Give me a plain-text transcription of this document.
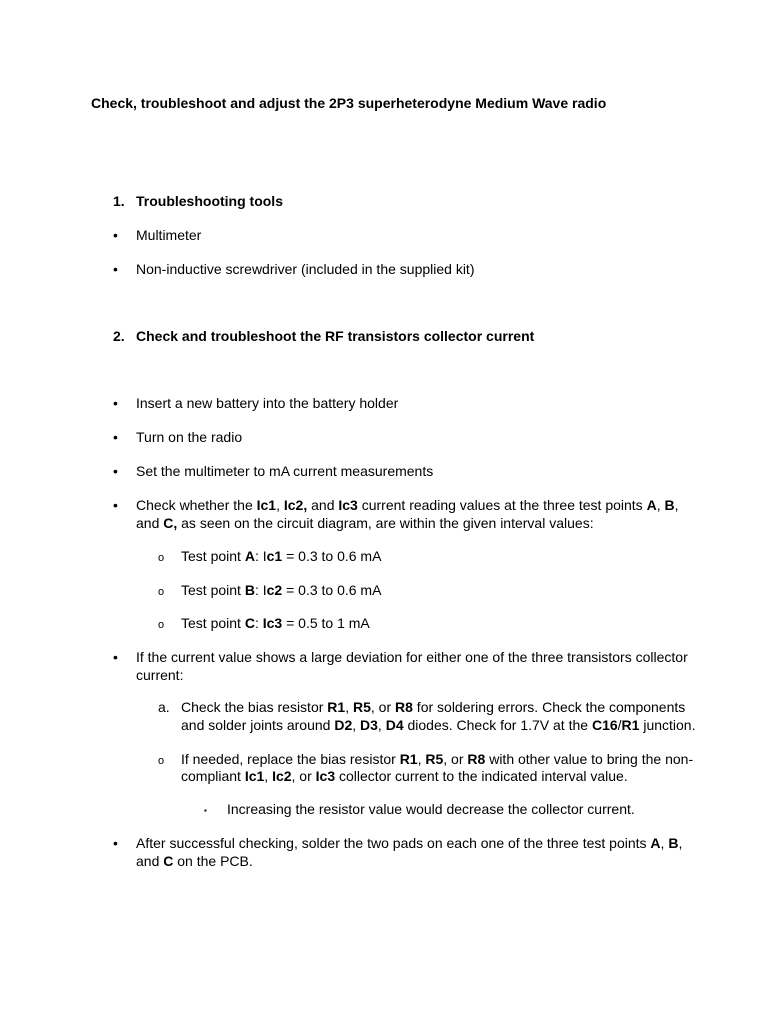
Check, troubleshoot and adjust the 2P3 superheterodyne Medium Wave radio
1. Troubleshooting tools
• Multimeter
• Non-inductive screwdriver (included in the supplied kit)
2. Check and troubleshoot the RF transistors collector current
• Insert a new battery into the battery holder
• Turn on the radio
• Set the multimeter to mA current measurements
• Check whether the Ic1, Ic2, and Ic3 current reading values at the three test points A, B,
and C, as seen on the circuit diagram, are within the given interval values:
o Test point A: Ic1 = 0.3 to 0.6 mA
o Test point B: Ic2 = 0.3 to 0.6 mA
o Test point C: Ic3 = 0.5 to 1 mA
• If the current value shows a large deviation for either one of the three transistors collector
current:
a. Check the bias resistor R1, R5, or R8 for soldering errors. Check the components
and solder joints around D2, D3, D4 diodes. Check for 1.7V at the C16/R1 junction.
o If needed, replace the bias resistor R1, R5, or R8 with other value to bring the non-
compliant Ic1, Ic2, or Ic3 collector current to the indicated interval value.
▪ Increasing the resistor value would decrease the collector current.
• After successful checking, solder the two pads on each one of the three test points A, B,
and C on the PCB.
